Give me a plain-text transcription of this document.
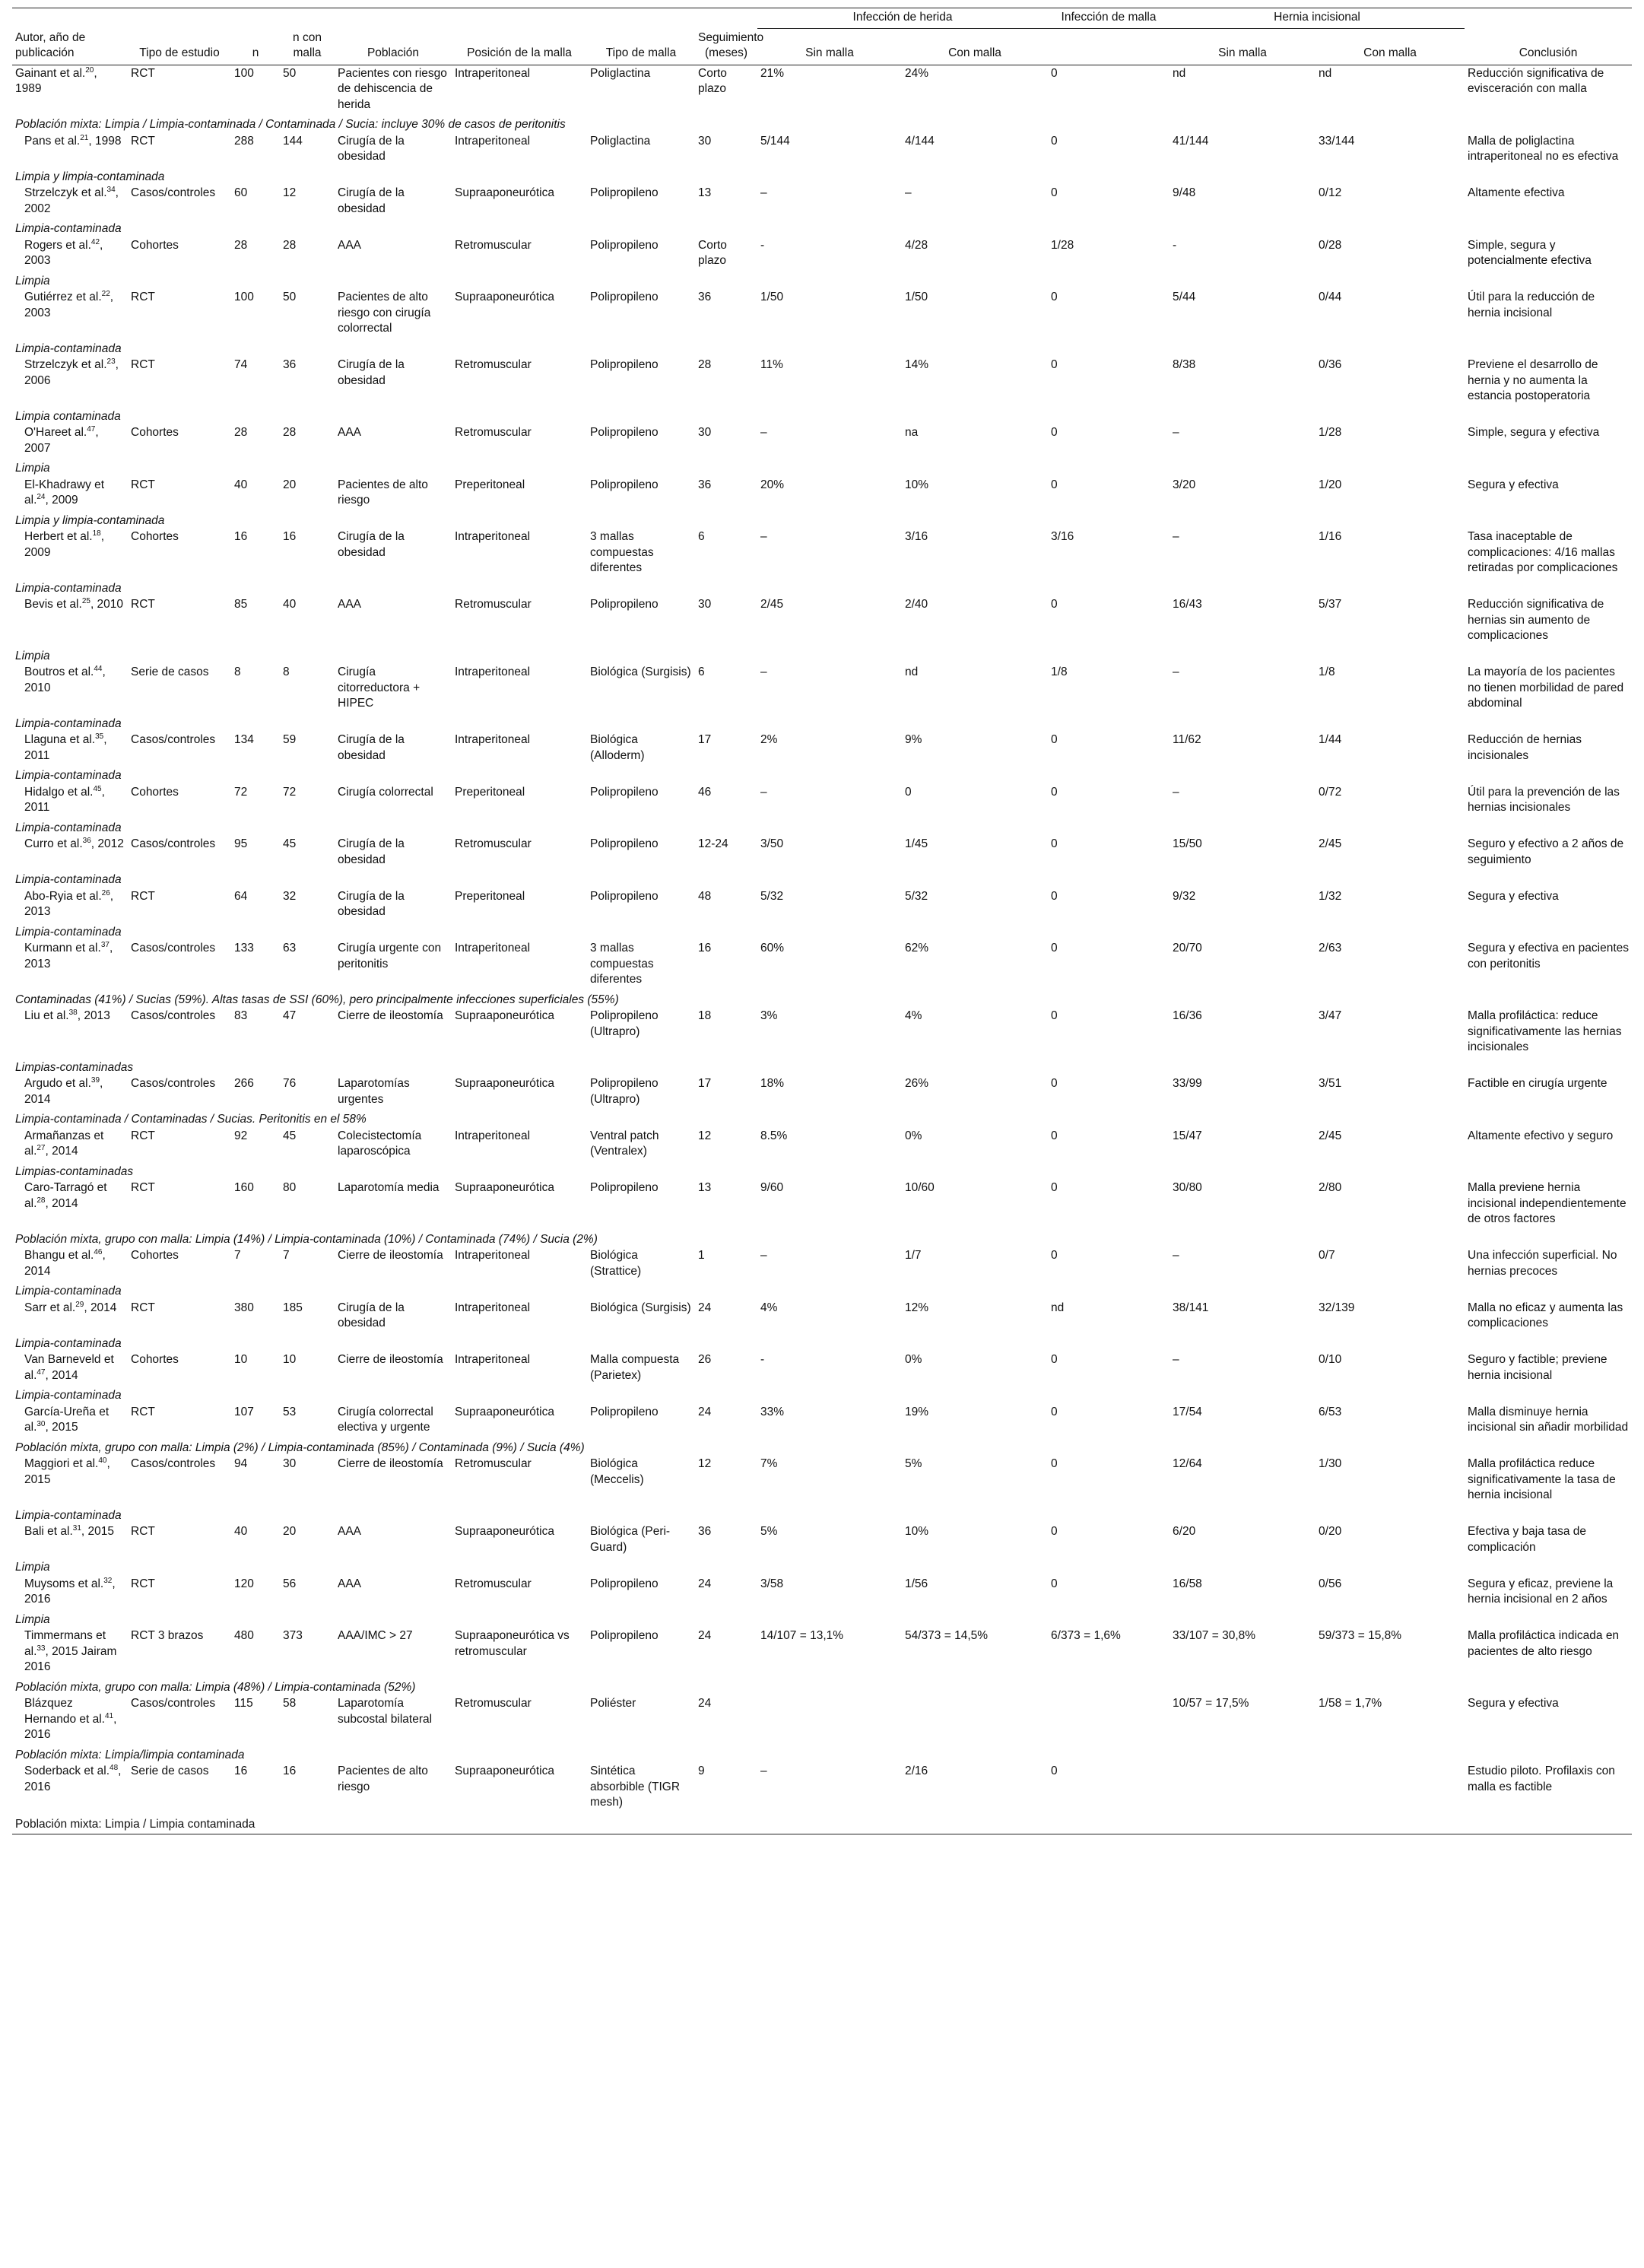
								Infección de herida		Infección de malla	Hernia incisional		
Autor, año de publicación	Tipo de estudio	n	n con malla	Población	Posición de la malla	Tipo de malla	Seguimiento (meses)	Sin malla	Con malla		Sin malla	Con malla	Conclusión
Gainant et al.$^{20}$, 1989	RCT	100	50	Pacientes con riesgo de dehiscencia de herida	Intraperitoneal	Poliglactina	Corto plazo	21%	24%	0	nd	nd	Reducción significativa de evisceración con malla
Población mixta: Limpia / Limpia-contaminada / Contaminada / Sucia: incluye 30% de casos de peritonitis													
Pans et al.$^{21}$, 1998	RCT	288	144	Cirugía de la obesidad	Intraperitoneal	Poliglactina	30	5/144	4/144	0	41/144	33/144	Malla de poliglactina intraperitoneal no es efectiva
Limpia y limpia-contaminada													
Strzelczyk et al.$^{34}$, 2002	Casos/controles	60	12	Cirugía de la obesidad	Supraaponeurótica	Polipropileno	13	–	–	0	9/48	0/12	Altamente efectiva
Limpia-contaminada													
Rogers et al.$^{42}$, 2003	Cohortes	28	28	AAA	Retromuscular	Polipropileno	Corto plazo	-	4/28	1/28	-	0/28	Simple, segura y potencialmente efectiva
Limpia													
Gutiérrez et al.$^{22}$, 2003	RCT	100	50	Pacientes de alto riesgo con cirugía colorrectal	Supraaponeurótica	Polipropileno	36	1/50	1/50	0	5/44	0/44	Útil para la reducción de hernia incisional
Limpia-contaminada													
Strzelczyk et al.$^{23}$, 2006	RCT	74	36	Cirugía de la obesidad	Retromuscular	Polipropileno	28	11%	14%	0	8/38	0/36	Previene el desarrollo de hernia y no aumenta la estancia postoperatoria
Limpia contaminada													
O'Hareet al.$^{47}$, 2007	Cohortes	28	28	AAA	Retromuscular	Polipropileno	30	–	na	0	–	1/28	Simple, segura y efectiva
Limpia													
El-Khadrawy et al.$^{24}$, 2009	RCT	40	20	Pacientes de alto riesgo	Preperitoneal	Polipropileno	36	20%	10%	0	3/20	1/20	Segura y efectiva
Limpia y limpia-contaminada													
Herbert et al.$^{18}$, 2009	Cohortes	16	16	Cirugía de la obesidad	Intraperitoneal	3 mallas compuestas diferentes	6	–	3/16	3/16	–	1/16	Tasa inaceptable de complicaciones: 4/16 mallas retiradas por complicaciones
Limpia-contaminada													
Bevis et al.$^{25}$, 2010	RCT	85	40	AAA	Retromuscular	Polipropileno	30	2/45	2/40	0	16/43	5/37	Reducción significativa de hernias sin aumento de complicaciones
Limpia													
Boutros et al.$^{44}$, 2010	Serie de casos	8	8	Cirugía citorreductora + HIPEC	Intraperitoneal	Biológica (Surgisis)	6	–	nd	1/8	–	1/8	La mayoría de los pacientes no tienen morbilidad de pared abdominal
Limpia-contaminada													
Llaguna et al.$^{35}$, 2011	Casos/controles	134	59	Cirugía de la obesidad	Intraperitoneal	Biológica (Alloderm)	17	2%	9%	0	11/62	1/44	Reducción de hernias incisionales
Limpia-contaminada													
Hidalgo et al.$^{45}$, 2011	Cohortes	72	72	Cirugía colorrectal	Preperitoneal	Polipropileno	46	–	0	0	–	0/72	Útil para la prevención de las hernias incisionales
Limpia-contaminada													
Curro et al.$^{36}$, 2012	Casos/controles	95	45	Cirugía de la obesidad	Retromuscular	Polipropileno	12-24	3/50	1/45	0	15/50	2/45	Seguro y efectivo a 2 años de seguimiento
Limpia-contaminada													
Abo-Ryia et al.$^{26}$, 2013	RCT	64	32	Cirugía de la obesidad	Preperitoneal	Polipropileno	48	5/32	5/32	0	9/32	1/32	Segura y efectiva
Limpia-contaminada													
Kurmann et al.$^{37}$, 2013	Casos/controles	133	63	Cirugía urgente con peritonitis	Intraperitoneal	3 mallas compuestas diferentes	16	60%	62%	0	20/70	2/63	Segura y efectiva en pacientes con peritonitis
Contaminadas (41%) / Sucias (59%). Altas tasas de SSI (60%), pero principalmente infecciones superficiales (55%)													
Liu et al.$^{38}$, 2013	Casos/controles	83	47	Cierre de ileostomía	Supraaponeurótica	Polipropileno (Ultrapro)	18	3%	4%	0	16/36	3/47	Malla profiláctica: reduce significativamente las hernias incisionales
Limpias-contaminadas													
Argudo et al.$^{39}$, 2014	Casos/controles	266	76	Laparotomías urgentes	Supraaponeurótica	Polipropileno (Ultrapro)	17	18%	26%	0	33/99	3/51	Factible en cirugía urgente
Limpia-contaminada / Contaminadas / Sucias. Peritonitis en el 58%													
Armañanzas et al.$^{27}$, 2014	RCT	92	45	Colecistectomía laparoscópica	Intraperitoneal	Ventral patch (Ventralex)	12	8.5%	0%	0	15/47	2/45	Altamente efectivo y seguro
Limpias-contaminadas													
Caro-Tarragó et al.$^{28}$, 2014	RCT	160	80	Laparotomía media	Supraaponeurótica	Polipropileno	13	9/60	10/60	0	30/80	2/80	Malla previene hernia incisional independientemente de otros factores
Población mixta, grupo con malla: Limpia (14%) / Limpia-contaminada (10%) / Contaminada (74%) / Sucia (2%)													
Bhangu et al.$^{46}$, 2014	Cohortes	7	7	Cierre de ileostomía	Intraperitoneal	Biológica (Strattice)	1	–	1/7	0	–	0/7	Una infección superficial. No hernias precoces
Limpia-contaminada													
Sarr et al.$^{29}$, 2014	RCT	380	185	Cirugía de la obesidad	Intraperitoneal	Biológica (Surgisis)	24	4%	12%	nd	38/141	32/139	Malla no eficaz y aumenta las complicaciones
Limpia-contaminada													
Van Barneveld et al.$^{47}$, 2014	Cohortes	10	10	Cierre de ileostomía	Intraperitoneal	Malla compuesta (Parietex)	26	-	0%	0	–	0/10	Seguro y factible; previene hernia incisional
Limpia-contaminada													
García-Ureña et al.$^{30}$, 2015	RCT	107	53	Cirugía colorrectal electiva y urgente	Supraaponeurótica	Polipropileno	24	33%	19%	0	17/54	6/53	Malla disminuye hernia incisional sin añadir morbilidad
Población mixta, grupo con malla: Limpia (2%) / Limpia-contaminada (85%) / Contaminada (9%) / Sucia (4%)													
Maggiori et al.$^{40}$, 2015	Casos/controles	94	30	Cierre de ileostomía	Retromuscular	Biológica (Meccelis)	12	7%	5%	0	12/64	1/30	Malla profiláctica reduce significativamente la tasa de hernia incisional
Limpia-contaminada													
Bali et al.$^{31}$, 2015	RCT	40	20	AAA	Supraaponeurótica	Biológica (Peri-Guard)	36	5%	10%	0	6/20	0/20	Efectiva y baja tasa de complicación
Limpia													
Muysoms et al.$^{32}$, 2016	RCT	120	56	AAA	Retromuscular	Polipropileno	24	3/58	1/56	0	16/58	0/56	Segura y eficaz, previene la hernia incisional en 2 años
Limpia													
Timmermans et al.$^{33}$, 2015 Jairam 2016	RCT 3 brazos	480	373	AAA/IMC > 27	Supraaponeurótica vs retromuscular	Polipropileno	24	14/107 = 13,1%	54/373 = 14,5%	6/373 = 1,6%	33/107 = 30,8%	59/373 = 15,8%	Malla profiláctica indicada en pacientes de alto riesgo
Población mixta, grupo con malla: Limpia (48%) / Limpia-contaminada (52%)													
Blázquez Hernando et al.$^{41}$, 2016	Casos/controles	115	58	Laparotomía subcostal bilateral	Retromuscular	Poliéster	24				10/57 = 17,5%	1/58 = 1,7%	Segura y efectiva
Población mixta: Limpia/limpia contaminada													
Soderback et al.$^{48}$, 2016	Serie de casos	16	16	Pacientes de alto riesgo	Supraaponeurótica	Sintética absorbible (TIGR mesh)	9	–	2/16	0			Estudio piloto. Profilaxis con malla es factible
Población mixta: Limpia / Limpia contaminada													
